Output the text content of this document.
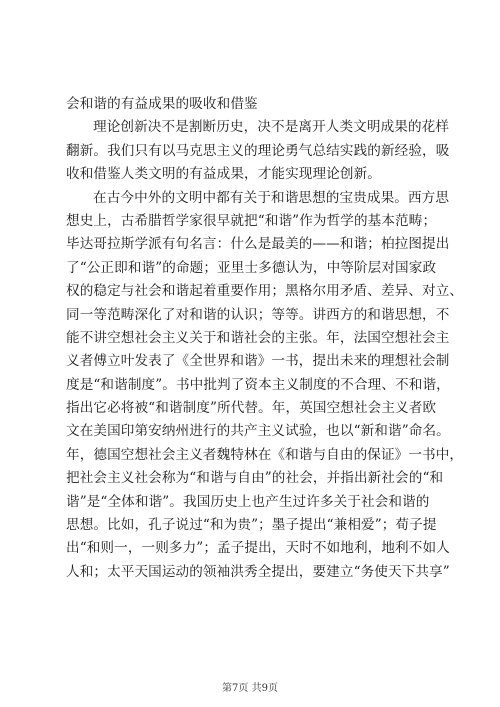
会和谐的有益成果的吸收和借鉴
理论创新决不是割断历史，决不是离开人类文明成果的花样
翻新。我们只有以马克思主义的理论勇气总结实践的新经验，吸
收和借鉴人类文明的有益成果，才能实现理论创新。
在古今中外的文明中都有关于和谐思想的宝贵成果。西方思
想史上，古希腊哲学家很早就把“和谐”作为哲学的基本范畴；
毕达哥拉斯学派有句名言：什么是最美的——和谐；柏拉图提出
了“公正即和谐”的命题；亚里士多德认为，中等阶层对国家政
权的稳定与社会和谐起着重要作用；黑格尔用矛盾、差异、对立、
同一等范畴深化了对和谐的认识；等等。讲西方的和谐思想，不
能不讲空想社会主义关于和谐社会的主张。年，法国空想社会主
义者傅立叶发表了《全世界和谐》一书，提出未来的理想社会制
度是“和谐制度”。书中批判了资本主义制度的不合理、不和谐，
指出它必将被“和谐制度”所代替。年，英国空想社会主义者欧
文在美国印第安纳州进行的共产主义试验，也以“新和谐”命名。
年，德国空想社会主义者魏特林在《和谐与自由的保证》一书中，
把社会主义社会称为“和谐与自由”的社会，并指出新社会的“和
谐”是“全体和谐”。我国历史上也产生过许多关于社会和谐的
思想。比如，孔子说过“和为贵”；墨子提出“兼相爱”；荀子提
出“和则一，一则多力”；孟子提出，天时不如地利，地利不如人
人和；太平天国运动的领袖洪秀全提出，要建立“务使天下共享”
第7页 共9页
